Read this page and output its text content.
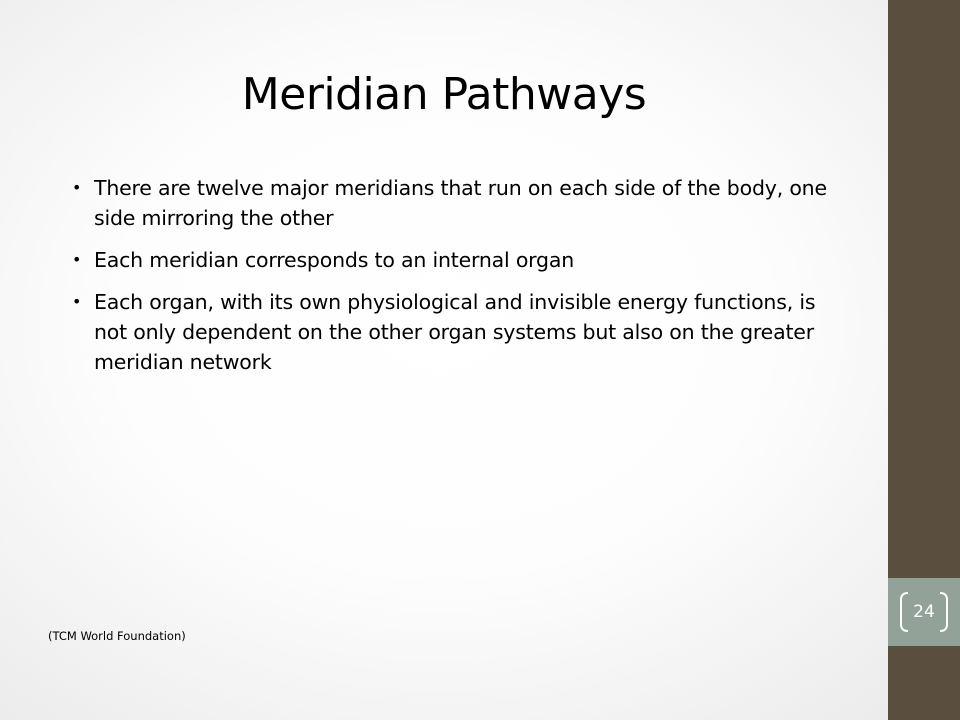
Meridian Pathways
• There are twelve major meridians that run on each side of the body, one side mirroring the other
• Each meridian corresponds to an internal organ
• Each organ, with its own physiological and invisible energy functions, is not only dependent on the other organ systems but also on the greater meridian network
(TCM World Foundation)
24
